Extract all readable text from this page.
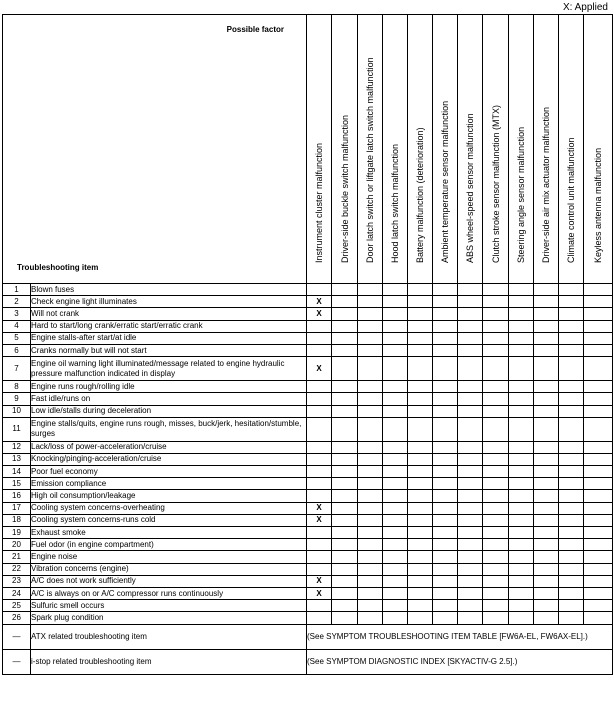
X: Applied
Possible factor
Troubleshooting item		Instrument cluster malfunction	Driver-side buckle switch malfunction	Door latch switch or liftgate latch switch malfunction	Hood latch switch malfunction	Battery malfunction (deterioration)	Ambient temperature sensor malfunction	ABS wheel-speed sensor malfunction	Clutch stroke sensor malfunction (MTX)	Steering angle sensor malfunction	Driver-side air mix actuator malfunction	Climate control unit malfunction	Keyless antenna malfunction

1	Blown fuses												
2	Check engine light illuminates	X											
3	Will not crank	X											
4	Hard to start/long crank/erratic start/erratic crank												
5	Engine stalls-after start/at idle												
6	Cranks normally but will not start												
7	Engine oil warning light illuminated/message related to engine hydraulic pressure malfunction indicated in display	X											
8	Engine runs rough/rolling idle												
9	Fast idle/runs on												
10	Low idle/stalls during deceleration												
11	Engine stalls/quits, engine runs rough, misses, buck/jerk, hesitation/stumble, surges												
12	Lack/loss of power-acceleration/cruise												
13	Knocking/pinging-acceleration/cruise												
14	Poor fuel economy												
15	Emission compliance												
16	High oil consumption/leakage												
17	Cooling system concerns-overheating	X											
18	Cooling system concerns-runs cold	X											
19	Exhaust smoke												
20	Fuel odor (in engine compartment)												
21	Engine noise												
22	Vibration concerns (engine)												
23	A/C does not work sufficiently	X											
24	A/C is always on or A/C compressor runs continuously	X											
25	Sulfuric smell occurs												
26	Spark plug condition												
—	ATX related troubleshooting item	(See SYMPTOM TROUBLESHOOTING ITEM TABLE [FW6A-EL, FW6AX-EL].)											
—	i-stop related troubleshooting item	(See SYMPTOM DIAGNOSTIC INDEX [SKYACTIV-G 2.5].)											
